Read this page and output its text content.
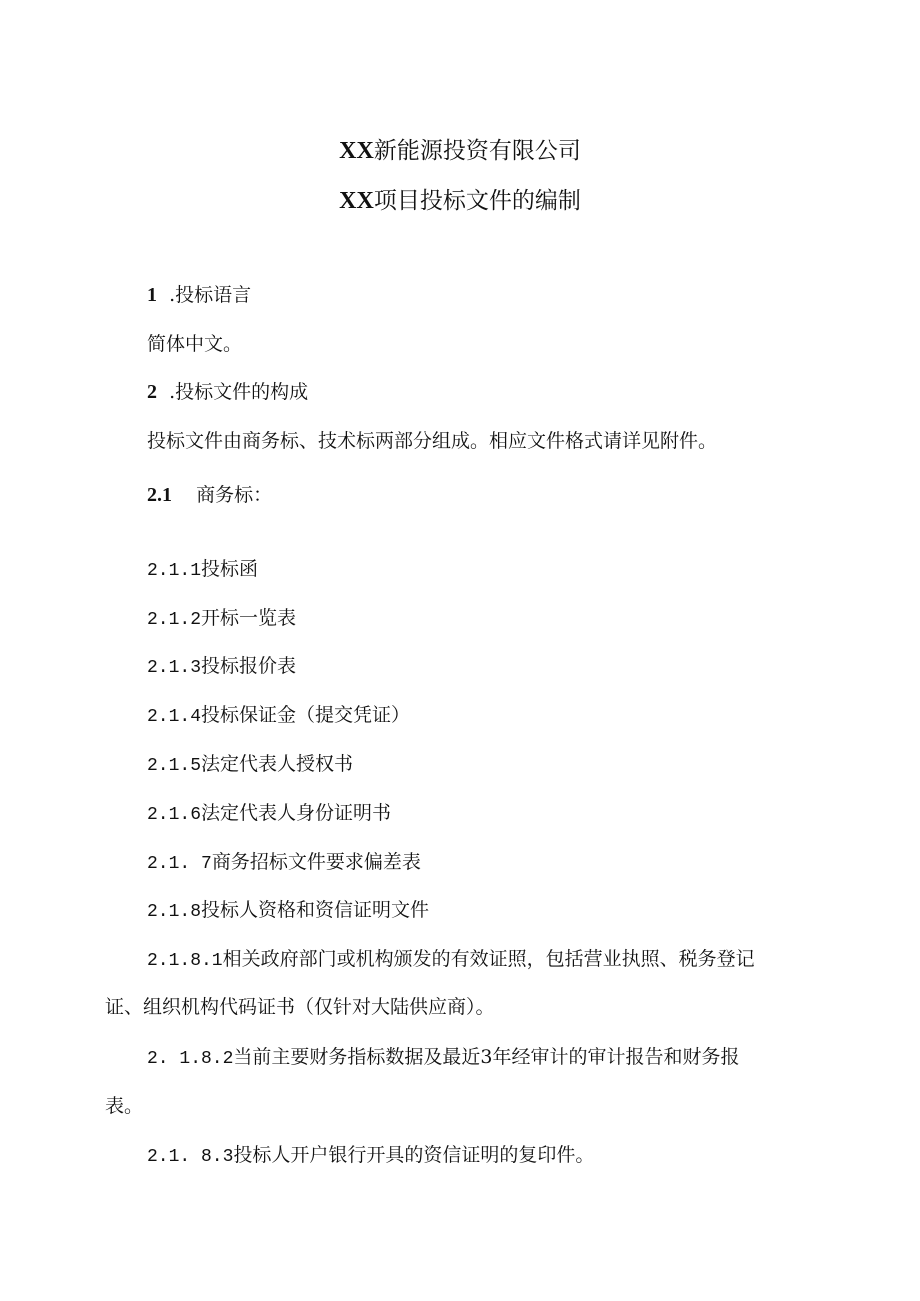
XX新能源投资有限公司
XX项目投标文件的编制
1 .投标语言
简体中文。
2 .投标文件的构成
投标文件由商务标、技术标两部分组成。相应文件格式请详见附件。
2.1 商务标：
2.1.1投标函
2.1.2开标一览表
2.1.3投标报价表
2.1.4投标保证金（提交凭证）
2.1.5法定代表人授权书
2.1.6法定代表人身份证明书
2.1. 7商务招标文件要求偏差表
2.1.8投标人资格和资信证明文件
2.1.8.1相关政府部门或机构颁发的有效证照，包括营业执照、税务登记
证、组织机构代码证书（仅针对大陆供应商）。
2. 1.8.2当前主要财务指标数据及最近3年经审计的审计报告和财务报
表。
2.1. 8.3投标人开户银行开具的资信证明的复印件。
